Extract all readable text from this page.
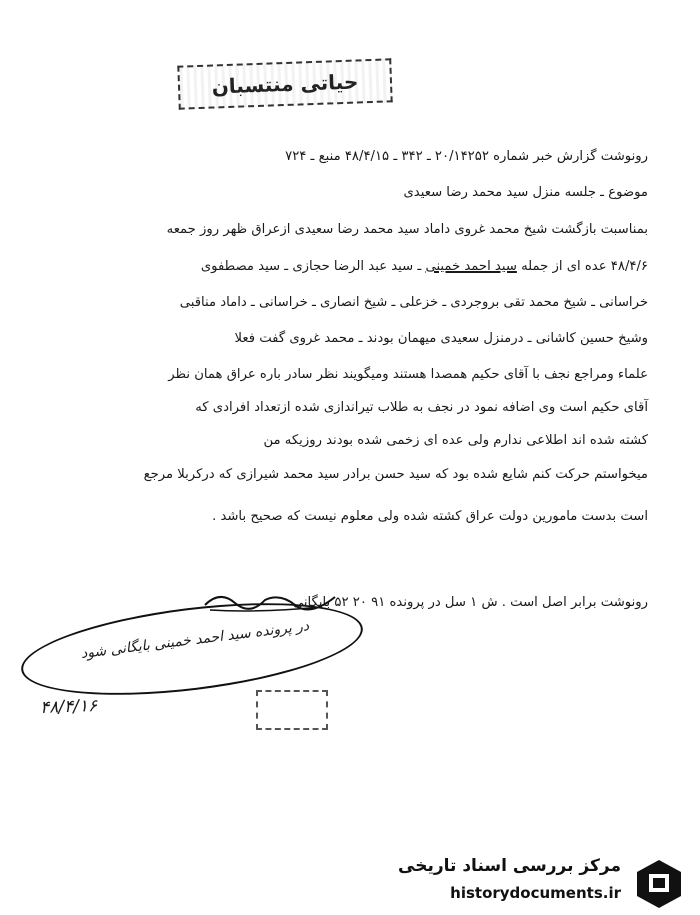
حیاتی منتسبان
رونوشت گزارش خبر شماره ۲۰/۱۴۲۵۲ ـ ۳۴۲ ـ ۴۸/۴/۱۵ منبع ـ ۷۲۴
موضوع ـ جلسه منزل سید محمد رضا سعیدی
بمناسبت بازگشت شیخ محمد غروی داماد سید محمد رضا سعیدی ازعراق ظهر روز جمعه
۴۸/۴/۶ عده ای از جمله سید احمد خمینی ـ سید عبد الرضا حجازی ـ سید مصطفوی
خراسانی ـ شیخ محمد تقی بروجردی ـ خزعلی ـ شیخ انصاری ـ خراسانی ـ داماد مناقبی
وشیخ حسین کاشانی ـ درمنزل سعیدی میهمان بودند ـ محمد غروی گفت فعلا
علماء ومراجع نجف با آقای حکیم همصدا هستند ومیگویند نظر سادر باره عراق همان نظر
آقای حکیم است وی اضافه نمود در نجف به طلاب تیراندازی شده ازتعداد افرادی که
کشته شده اند اطلاعی ندارم ولی عده ای زخمی شده بودند روزیکه من
میخواستم حرکت کنم شایع شده بود که سید حسن برادر سید محمد شیرازی که درکربلا مرجع
است بدست مامورین دولت عراق کشته شده ولی معلوم نیست که صحیح باشد .
رونوشت برابر اصل است . ش ۱ سل در پرونده ۹۱ ۲۰ ۵۲ بایگانی
در پرونده سید احمد خمینی بایگانی شود
۴۸/۴/۱۶
مرکز بررسی اسناد تاریخی
historydocuments.ir
